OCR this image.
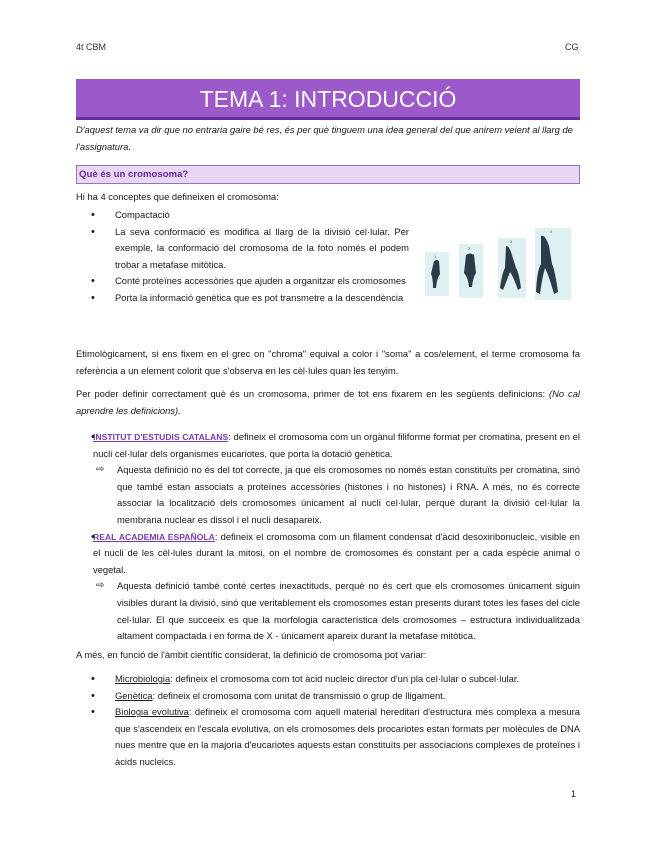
4t CBM	CG
TEMA 1: INTRODUCCIÓ
D'aquest tema va dir que no entraria gaire bé res, és per què tinguem una idea general del que anirem veient al llarg de l'assignatura.
Què és un cromosoma?
Hi ha 4 conceptes que defineixen el cromosoma:
• Compactació
• La seva conformació es modifica al llarg de la divisió cel·lular. Per exemple, la conformació del cromosoma de la foto només el podem trobar a metafase mitòtica.
• Conté proteïnes accessòries que ajuden a organitzar els cromosomes
• Porta la informació genètica que es pot transmetre a la descendència
1
2
3
4
Etimològicament, si ens fixem en el grec on "chroma" equival a color i "soma" a cos/element, el terme cromosoma fa referència a un element colorit que s'observa en les cèl·lules quan les tenyim.
Per poder definir correctament què és un cromosoma, primer de tot ens fixarem en les següents definicions: (No cal aprendre les definicions).
• INSTITUT D'ESTUDIS CATALANS: defineix el cromosoma com un orgànul filiforme format per cromatina, present en el nucli cel·lular dels organismes eucariotes, que porta la dotació genètica.
⇨ Aquesta definició no és del tot correcte, ja que els cromosomes no només estan constituïts per cromatina, sinó que també estan associats a proteïnes accessòries (histones i no histones) i RNA. A més, no és correcte associar la localització dels cromosomes únicament al nucli cel·lular, perquè durant la divisió cel·lular la membrana nuclear es dissol i el nucli desapareix.
• REAL ACADEMIA ESPAÑOLA: defineix el cromosoma com un filament condensat d'àcid desoxiribonucleic, visible en el nucli de les cèl·lules durant la mitosi, on el nombre de cromosomes és constant per a cada espècie animal o vegetal.
⇨ Aquesta definició també conté certes inexactituds, perquè no és cert que els cromosomes únicament siguin visibles durant la divisió, sinó que veritablement els cromosomes estan presents durant totes les fases del cicle cel·lular. El que succeeix es que la morfologia característica dels cromosomes – estructura individualitzada altament compactada i en forma de X - únicament apareix durant la metafase mitòtica.
A més, en funció de l'àmbit científic considerat, la definició de cromosoma pot variar:
• Microbiologia: defineix el cromosoma com tot àcid nucleic director d'un pla cel·lular o subcel·lular.
• Genètica: defineix el cromosoma com unitat de transmissió o grup de lligament.
• Biologia evolutiva: defineix el cromosoma com aquell material hereditari d'estructura més complexa a mesura que s'ascendeix en l'escala evolutiva, on els cromosomes dels procariotes estan formats per molècules de DNA nues mentre que en la majoria d'eucariotes aquests estan constituïts per associacions complexes de proteïnes i àcids nucleics.
1
